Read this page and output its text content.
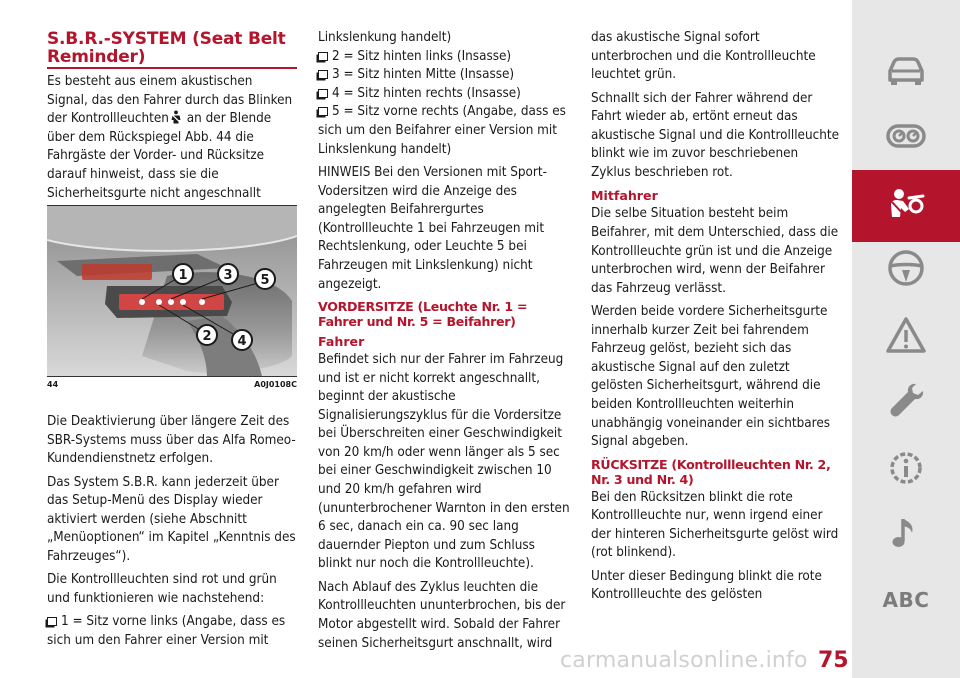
S.B.R.-SYSTEM (Seat Belt Reminder)

Es besteht aus einem akustischen Signal, das den Fahrer durch das Blinken der Kontrollleuchten an der Blende über dem Rückspiegel Abb. 44 die Fahrgäste der Vorder- und Rücksitze darauf hinweist, dass sie die Sicherheitsgurte nicht angeschnallt

1	3 5
2 4
44	A0J0108C

Die Deaktivierung über längere Zeit des SBR-Systems muss über das Alfa Romeo-Kundendienstnetz erfolgen.

Das System S.B.R. kann jederzeit über das Setup-Menü des Display wieder aktiviert werden (siehe Abschnitt „Menüoptionen“ im Kapitel „Kenntnis des Fahrzeuges“).

Die Kontrollleuchten sind rot und grün und funktionieren wie nachstehend:

1 = Sitz vorne links (Angabe, dass es sich um den Fahrer einer Version mit

Linkslenkung handelt)

2 = Sitz hinten links (Insasse)
3 = Sitz hinten Mitte (Insasse)
4 = Sitz hinten rechts (Insasse)

5 = Sitz vorne rechts (Angabe, dass es sich um den Beifahrer einer Version mit Linkslenkung handelt)

HINWEIS Bei den Versionen mit Sport-Vodersitzen wird die Anzeige des angelegten Beifahrergurtes (Kontrollleuchte 1 bei Fahrzeugen mit Rechtslenkung, oder Leuchte 5 bei Fahrzeugen mit Linkslenkung) nicht angezeigt.

VORDERSITZE (Leuchte Nr. 1 = Fahrer und Nr. 5 = Beifahrer)
Fahrer

Befindet sich nur der Fahrer im Fahrzeug und ist er nicht korrekt angeschnallt, beginnt der akustische Signalisierungszyklus für die Vordersitze bei Überschreiten einer Geschwindigkeit von 20 km/h oder wenn länger als 5 sec bei einer Geschwindigkeit zwischen 10 und 20 km/h gefahren wird (ununterbrochener Warnton in den ersten 6 sec, danach ein ca. 90 sec lang dauernder Piepton und zum Schluss blinkt nur noch die Kontrollleuchte).

Nach Ablauf des Zyklus leuchten die Kontrollleuchten ununterbrochen, bis der Motor abgestellt wird. Sobald der Fahrer seinen Sicherheitsgurt anschnallt, wird

das akustische Signal sofort unterbrochen und die Kontrollleuchte leuchtet grün.

Schnallt sich der Fahrer während der Fahrt wieder ab, ertönt erneut das akustische Signal und die Kontrollleuchte blinkt wie im zuvor beschriebenen Zyklus beschrieben rot.

Mitfahrer

Die selbe Situation besteht beim Beifahrer, mit dem Unterschied, dass die Kontrollleuchte grün ist und die Anzeige unterbrochen wird, wenn der Beifahrer das Fahrzeug verlässt.

Werden beide vordere Sicherheitsgurte innerhalb kurzer Zeit bei fahrendem Fahrzeug gelöst, bezieht sich das akustische Signal auf den zuletzt gelösten Sicherheitsgurt, während die beiden Kontrollleuchten weiterhin unabhängig voneinander ein sichtbares Signal abgeben.

RÜCKSITZE (Kontrollleuchten Nr. 2, Nr. 3 und Nr. 4)

Bei den Rücksitzen blinkt die rote Kontrollleuchte nur, wenn irgend einer der hinteren Sicherheitsgurte gelöst wird (rot blinkend).

Unter dieser Bedingung blinkt die rote Kontrollleuchte des gelösten	ABC
carmanualsonline.info 75
